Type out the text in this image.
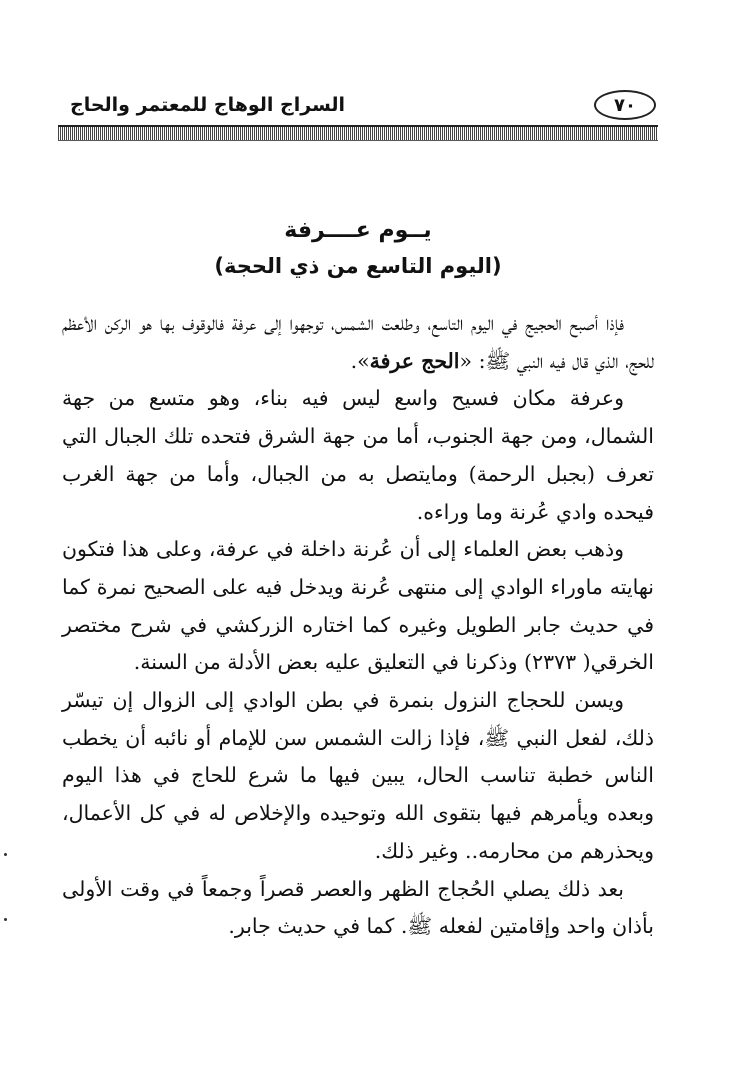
٧٠
السراج الوهاج للمعتمر والحاج
يــوم عــــرفة
(اليوم التاسع من ذي الحجة)

فإذا أصبح الحجيج في اليوم التاسع، وطلعت الشمس، توجهوا إلى عرفة فالوقوف بها هو الركن الأعظم للحج، الذي قال فيه النبي ﷺ: «الحج عرفة».

وعرفة مكان فسيح واسع ليس فيه بناء، وهو متسع من جهة الشمال، ومن جهة الجنوب، أما من جهة الشرق فتحده تلك الجبال التي تعرف (بجبل الرحمة) ومايتصل به من الجبال، وأما من جهة الغرب فيحده وادي عُرنة وما وراءه.

وذهب بعض العلماء إلى أن عُرنة داخلة في عرفة، وعلى هذا فتكون نهايته ماوراء الوادي إلى منتهى عُرنة ويدخل فيه على الصحيح نمرة كما في حديث جابر الطويل وغيره كما اختاره الزركشي في شرح مختصر الخرقي( ٢٣٧٣) وذكرنا في التعليق عليه بعض الأدلة من السنة.

ويسن للحجاج النزول بنمرة في بطن الوادي إلى الزوال إن تيسّر ذلك، لفعل النبي ﷺ، فإذا زالت الشمس سن للإمام أو نائبه أن يخطب الناس خطبة تناسب الحال، يبين فيها ما شرع للحاج في هذا اليوم وبعده ويأمرهم فيها بتقوى الله وتوحيده والإخلاص له في كل الأعمال، ويحذرهم من محارمه.. وغير ذلك.

بعد ذلك يصلي الحُجاج الظهر والعصر قصراً وجمعاً في وقت الأولى بأذان واحد وإقامتين لفعله ﷺ. كما في حديث جابر.
